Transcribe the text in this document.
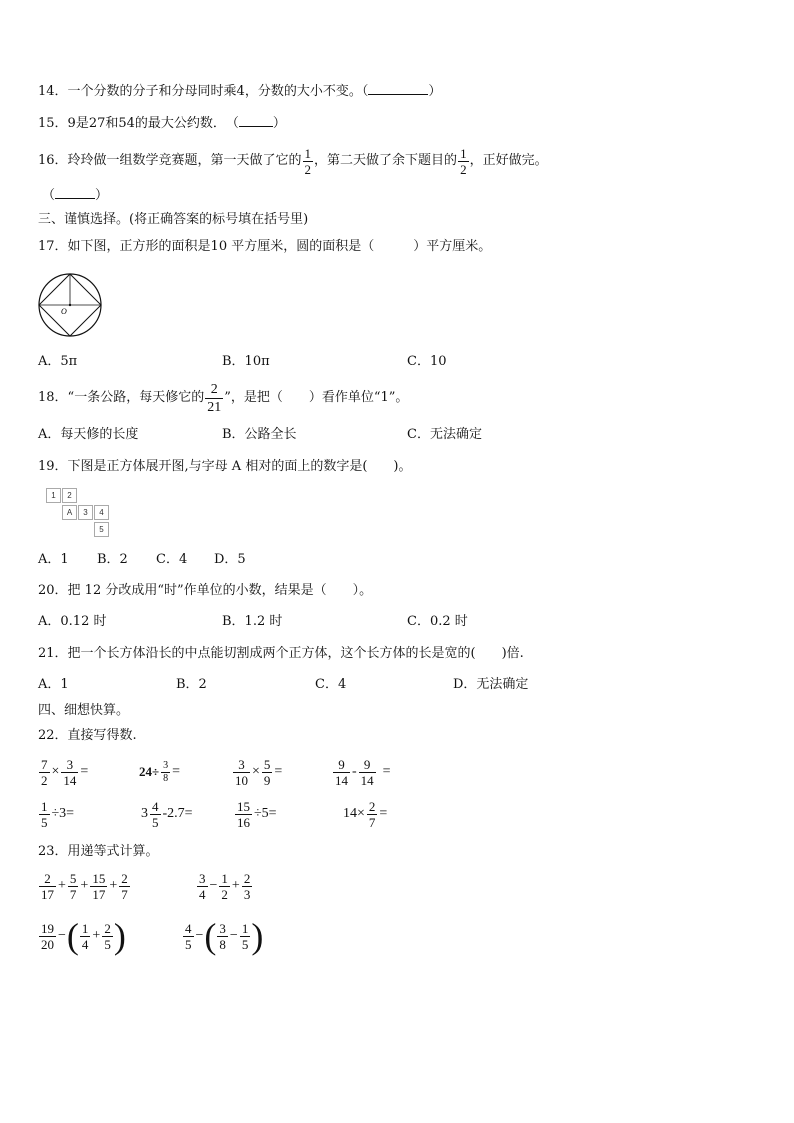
14．一个分数的分子和分母同时乘4，分数的大小不变。（	）
15．9是27和54的最大公约数．　（	）
16．玲玲做一组数学竞赛题，第一天做了它的 $\frac{1}{2}$ ，第二天做了余下题目的 $\frac{1}{2}$ ，正好做完。
（	）
三、谨慎选择。(将正确答案的标号填在括号里)
17．如下图，正方形的面积是10 平方厘米，圆的面积是（　　　）平方厘米。
O
A．5π	B．10π	C．10
18．“一条公路，每天修它的 $\frac{2}{21}$ ”，是把（　　）看作单位“1”。
A．每天修的长度	B．公路全长	C．无法确定
19．下图是正方体展开图,与字母 A 相对的面上的数字是(　　)。
1	2
A	3	4
5
A．1 B．2 C．4 D．5
20．把 12 分改成用“时”作单位的小数，结果是（　　）。
A．0.12 时	B．1.2 时	C．0.2 时
21．把一个长方体沿长的中点能切割成两个正方体，这个长方体的长是宽的(　　)倍.
A．1	B．2	C．4	D．无法确定
四、细想快算。
22．直接写得数.
$\frac{7}{2} \times \frac{3}{14}$ =	$24\div \frac{3}{8}$ =	$\frac{3}{10} \times \frac{5}{9}$ =	$\frac{9}{14} - \frac{9}{14}$ =
$\frac{1}{5} \div 3=$	$3 \frac{4}{5} -2.7=$	$\frac{15}{16} \div 5=$	$14\times \frac{2}{7}$ =
23．用递等式计算。
$\frac{2}{17} + \frac{5}{7} + \frac{15}{17} + \frac{2}{7}$	$\frac{3}{4} - \frac{1}{2} + \frac{2}{3}$
$\frac{19}{20}$ − ( $\frac{1}{4} + \frac{2}{5}$ )	$\frac{4}{5}$ − ( $\frac{3}{8} - \frac{1}{5}$ )
